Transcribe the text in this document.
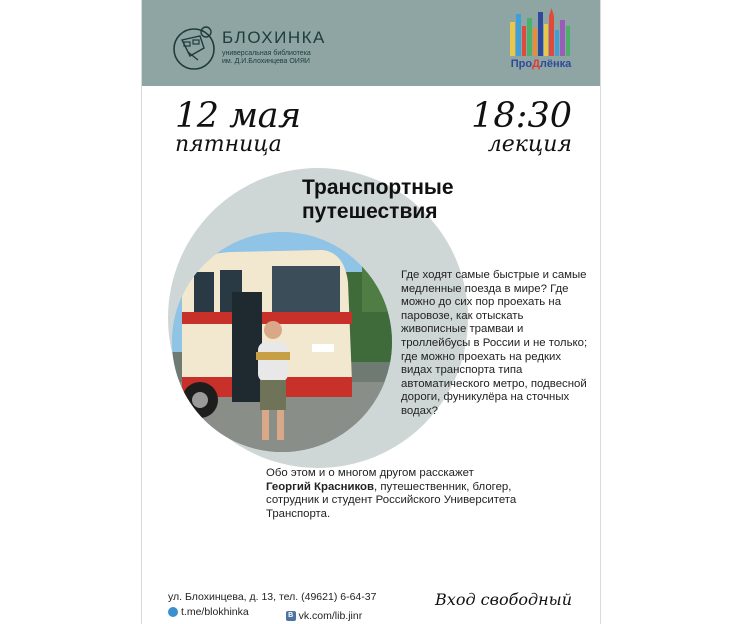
БЛОХИНКА
универсальная библиотека
им. Д.И.Блохинцева ОИЯИ	ПроДлёнка
12 мая
пятница
18:30
лекция
Транспортные
путешествия
Где ходят самые быстрые и самые медленные поезда в мире? Где можно до сих пор проехать на паровозе, как отыскать живописные трамваи и троллейбусы в России и не только; где можно проехать на редких видах транспорта типа автоматического метро, подвесной дороги, фуникулёра на сточных водах?
Обо этом и о многом другом расскажет
Георгий Красников, путешественник, блогер, сотрудник и студент Российского Университета Транспорта.
ул. Блохинцева, д. 13, тел. (49621) 6-64-37
t.me/blokhinka
	В vk.com/lib.jinr
Вход свободный
